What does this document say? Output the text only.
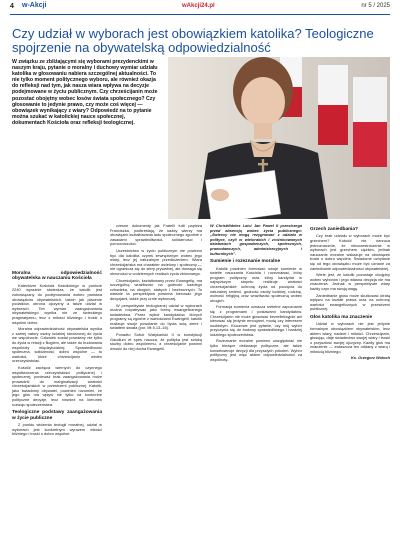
4 w-Akcji	wAkcji24.pl	nr 5 / 2025
Czy udział w wyborach jest obowiązkiem katolika? Teologiczne spojrzenie na obywatelską odpowiedzialność
W związku ze zbliżającymi się wyborami prezydenckimi w naszym kraju, pytanie o moralny i duchowy wymiar udziału katolika w głosowaniu nabiera szczególnej aktualności. To nie tylko moment politycznego wyboru, ale również okazja do refleksji nad tym, jak nasza wiara wpływa na decyzje podejmowane w życiu publicznym. Czy chrześcijanin może pozostać obojętny wobec losów świata społecznego? Czy głosowanie to jedynie prawo, czy może coś więcej — obowiązek wynikający z wiary? Odpowiedź na to pytanie można szukać w katolickiej nauce społecznej, dokumentach Kościoła oraz refleksji teologicznej.
Moralna odpowiedzialność obywatelska w nauczaniu Kościoła

Katechizm Kościoła Katolickiego w punkcie 2240 wyraźnie stwierdza, że katolik jest zobowiązany do podejmowania wobec państwa obowiązków obywatelskich, takich jak płacenie podatków, obrona ojczyzny a także udział w wyborach. Ten wymiar zaangażowania obywatelskiego wynika nie ze świeckiego pragmatyzmu, lecz z miłości bliźniego i troski o wspólne dobro.

Moralna odpowiedzialność obywatelska wynika z samej natury osoby ludzkiej stworzonej do życia we wspólnocie. Człowiek został powołany nie tylko do życia w relacji z Bogiem, ale także do budowania wspólnoty międzyludzkiej. Sprawiedliwość społeczna, solidarność, dobro wspólne — to wartości, które chrześcijanin winien urzeczywistniać.

Kościół zachęca wiernych do czynnego współtworzenia rzeczywistości politycznej i społecznej, ponieważ brak zaangażowania może prowadzić do marginalizacji wartości chrześcijańskich w przestrzeni publicznej. Katolik, jako świadomy obywatel, powinien rozumieć, że jego głos ma wpływ nie tylko na konkretne polityczne decyzje, lecz również na kierunek rozwoju społeczeństwa.

Teologiczne podstawy zaangażowania w życie publiczne

Z punktu widzenia teologii moralnej, udział w wyborach jest konkretnym wyrazem miłości bliźniego i troski o dobro wspólne.

czesne dokumenty jak Fratelli tutti papieża Franciszka, podkreślają, że każdy wierzy ma obowiązek kształtowania ładu społecznego zgodnie z zasadami sprawiedliwości, solidarności i pomocniczości.

Uczestnictwo w życiu publicznym nie powinno być dla katolika czymś zewnętrznym wobec jego wiary, lecz jej naturalnym przedłużeniem. Wiara chrześcijańska ma charakter wcielony i społeczny — nie ogranicza się do sfery prywatnej, ale domaga się obecności w codziennych realiach życia zbiorowego.

Chrześcijanin, kształtowany przez Ewangelię, ma szczególną wrażliwość na godność każdego człowieka, na ubogich, słabych i bezbronnych. To właśnie ta perspektywa powinna kierować jego decyzjami, także przy urnie wyborczej.

W perspektywie teologicznej udział w wyborach można rozpatrywać jako formę ewangelicznego świadectwa. Przez wybór kandydatów, których programy są zgodne z wartościami Ewangelii, katolik realizuje swoje powołanie do bycia solą ziemi i światłem świata (por. Mt 5,13–16).

Ponadto Sobór Watykański II w konstytucji Gaudium et spes naucza, że polityka jest sztuką służby dobru wspólnemu, a chrześcijanie powinni wnosić do niej ducha Ewangelii.

W Christifideles Laici Jan Paweł II przestrzega przed absencją wobec życia publicznego: „Świeccy nie mogą rezygnować z udziału w polityce, czyli w wielorakich i zróżnicowanych działaniach gospodarczych, społecznych, prawodawczych, administracyjnych i kulturalnych”.

Sumienie i rozeznanie moralne

Katolik powinien formować swoje sumienie w świetle nauczania Kościoła i rozeznawać, który program polityczny oraz który kandydat w najwyższym stopniu realizuje wartości chrześcijańskie: ochronę życia od poczęcia do naturalnej śmierci, godność osoby ludzkiej, rodzinę, wolność religijną oraz wrażliwość społeczną wobec ubogich.

Formacja sumienia oznacza rzetelne zapoznanie się z programami i postawami kandydatów. Chrześcijanin nie może głosować bezrefleksyjnie ani kierować się jedynie emocjami, modą czy interesem osobistym. Kluczowe jest pytanie, czy mój wybór przyczynia się do budowy sprawiedliwego i bardziej ludzkiego społeczeństwa.

Rozeznanie moralne powinno uwzględniać nie tylko bieżące deklaracje polityczne, ale także konsekwencje decyzji dla przyszłych pokoleń. Wybór polityczny jest więc aktem odpowiedzialności za wspólnotę.

Grzech zaniedbania?

Czy brak udziału w wyborach może być grzechem? Kościół nie narzuca jednoznacznie, że nieuczestniczenie w wyborach jest grzechem ciężkim, jednak nauczanie moralne wskazuje na obowiązek troski o dobro wspólne. Świadome uchylanie się od tego obowiązku może być uznane za zaniedbanie odpowiedzialności obywatelskiej.

Wiele jest, że katolik pozostaje obojętny wobec wyborów i jego własna decyzja nie ma znaczenia. Jednak w perspektywie wiary każdy czyn ma swoją wagę.

Zaniedbanie głosu może skutkować utratą wpływu na kształt prawa oraz na ochronę wartości ewangelicznych w przestrzeni publicznej.

Głos katolika ma znaczenie

Udział w wyborach nie jest jedynie formalnym obowiązkiem obywatelskim, lecz aktem wiary, nadziei i miłości. Chrześcijanin, głosując, daje świadectwo swojej wiary i troski o przyszłość swojej ojczyzny. Każdy głos ma znaczenie — zwłaszcza ten oddany z wiarą i miłością bliźniego.

Ks. Grzegorz Wołoch
